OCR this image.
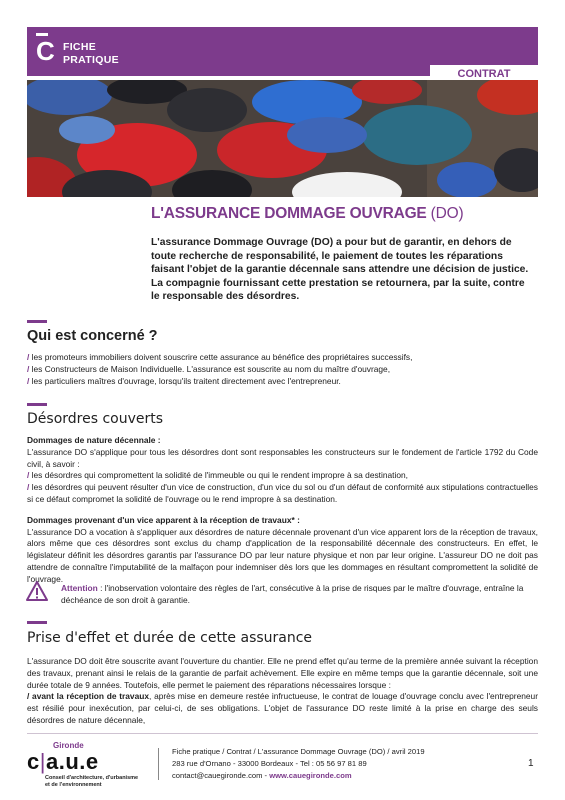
C FICHE
PRATIQUE
CONTRAT
L'ASSURANCE DOMMAGE OUVRAGE (DO)
L'assurance Dommage Ouvrage (DO) a pour but de garantir, en dehors de toute recherche de responsabilité, le paiement de toutes les réparations faisant l'objet de la garantie décennale sans attendre une décision de justice.
La compagnie fournissant cette prestation se retournera, par la suite, contre le responsable des désordres.
Qui est concerné ?

/ les promoteurs immobiliers doivent souscrire cette assurance au bénéfice des propriétaires successifs,

/ les Constructeurs de Maison Individuelle. L'assurance est souscrite au nom du maître d'ouvrage,

/ les particuliers maîtres d'ouvrage, lorsqu'ils traitent directement avec l'entrepreneur.

Désordres couverts

Dommages de nature décennale :

L'assurance DO s'applique pour tous les désordres dont sont responsables les constructeurs sur le fondement de l'article 1792 du Code civil, à savoir :

/ les désordres qui compromettent la solidité de l'immeuble ou qui le rendent impropre à sa destination,

/ les désordres qui peuvent résulter d'un vice de construction, d'un vice du sol ou d'un défaut de conformité aux stipulations contractuelles si ce défaut compromet la solidité de l'ouvrage ou le rend impropre à sa destination.

Dommages provenant d'un vice apparent à la réception de travaux* :

L'assurance DO a vocation à s'appliquer aux désordres de nature décennale provenant d'un vice apparent lors de la réception de travaux, alors même que ces désordres sont exclus du champ d'application de la responsabilité décennale des constructeurs. En effet, le législateur définit les désordres garantis par l'assurance DO par leur nature physique et non par leur origine. L'assureur DO ne doit pas attendre de connaître l'imputabilité de la malfaçon pour indemniser dès lors que les dommages en résultant compromettent la solidité de l'ouvrage.

Attention : l'inobservation volontaire des règles de l'art, consécutive à la prise de risques par le maître d'ouvrage, entraîne la déchéance de son droit à garantie.
Prise d'effet et durée de cette assurance

L'assurance DO doit être souscrite avant l'ouverture du chantier. Elle ne prend effet qu'au terme de la première année suivant la réception des travaux, prenant ainsi le relais de la garantie de parfait achèvement. Elle expire en même temps que la garantie décennale, soit une durée totale de 9 années. Toutefois, elle permet le paiement des réparations nécessaires lorsque :

/ avant la réception de travaux, après mise en demeure restée infructueuse, le contrat de louage d'ouvrage conclu avec l'entrepreneur est résilié pour inexécution, par celui-ci, de ses obligations. L'objet de l'assurance DO reste limité à la prise en charge des seuls désordres de nature décennale,

Gironde
c|a.u.e
Conseil d'architecture, d'urbanisme
et de l'environnement
Fiche pratique / Contrat / L'assurance Dommage Ouvrage (DO) / avril 2019
283 rue d'Ornano - 33000 Bordeaux - Tel : 05 56 97 81 89
contact@cauegironde.com - www.cauegironde.com
1
